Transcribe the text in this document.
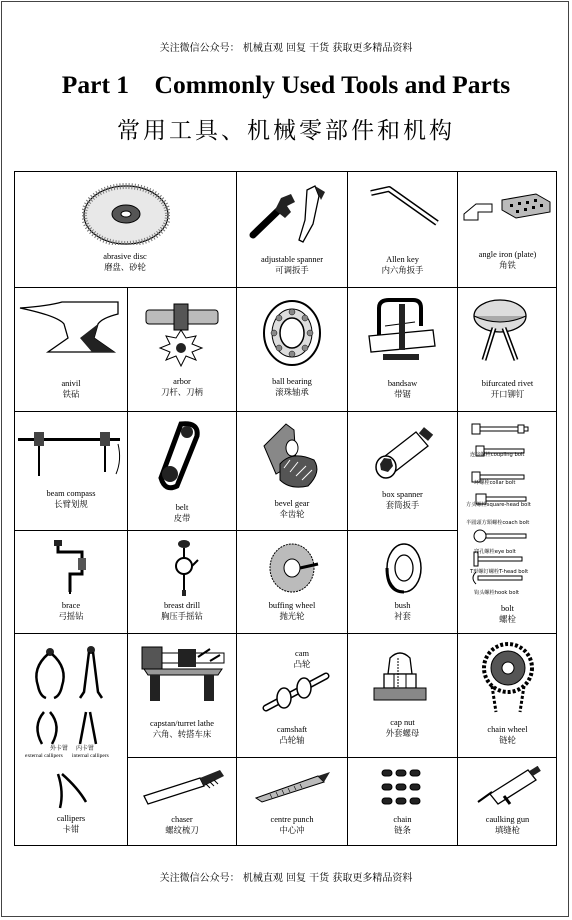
关注微信公众号： 机械直观 回复 干货 获取更多精品资料
Part 1    Commonly Used Tools and Parts
常用工具、机械零部件和机构
abrasive disc
磨盘、砂轮
adjustable spanner
可调扳手
Allen key
内六角扳手
angle iron (plate)
角铁
anivil
铁砧
arbor
刀杆、刀柄
ball bearing
滚珠轴承
bandsaw
带锯
bifurcated rivet
开口铆钉
beam compass
长臂划规	belt
皮带
bevel gear
伞齿轮
box spanner
套筒扳手
连接螺栓coupling bolt
环螺栓collar bolt
方头螺栓square-head bolt
半圆頭方頸螺栓coach bolt
穿孔螺栓eye bolt
T形螺钉螺栓T-head bolt
钩头螺栓hook bolt
bolt
螺栓
brace
弓摇钻
breast drill
胸压手摇钻
buffing wheel
抛光轮
bush
衬套
外卡钳 内卡钳
external callipers internal callipers
callipers
卡钳
capstan/turret lathe
六角、转搭车床
cam
凸轮
camshaft
凸轮轴
cap nut
外套螺母	chain wheel
链轮
chaser
螺纹梳刀
centre punch
中心冲
chain
链条
caulking gun
填缝枪
关注微信公众号： 机械直观 回复 干货 获取更多精品资料
